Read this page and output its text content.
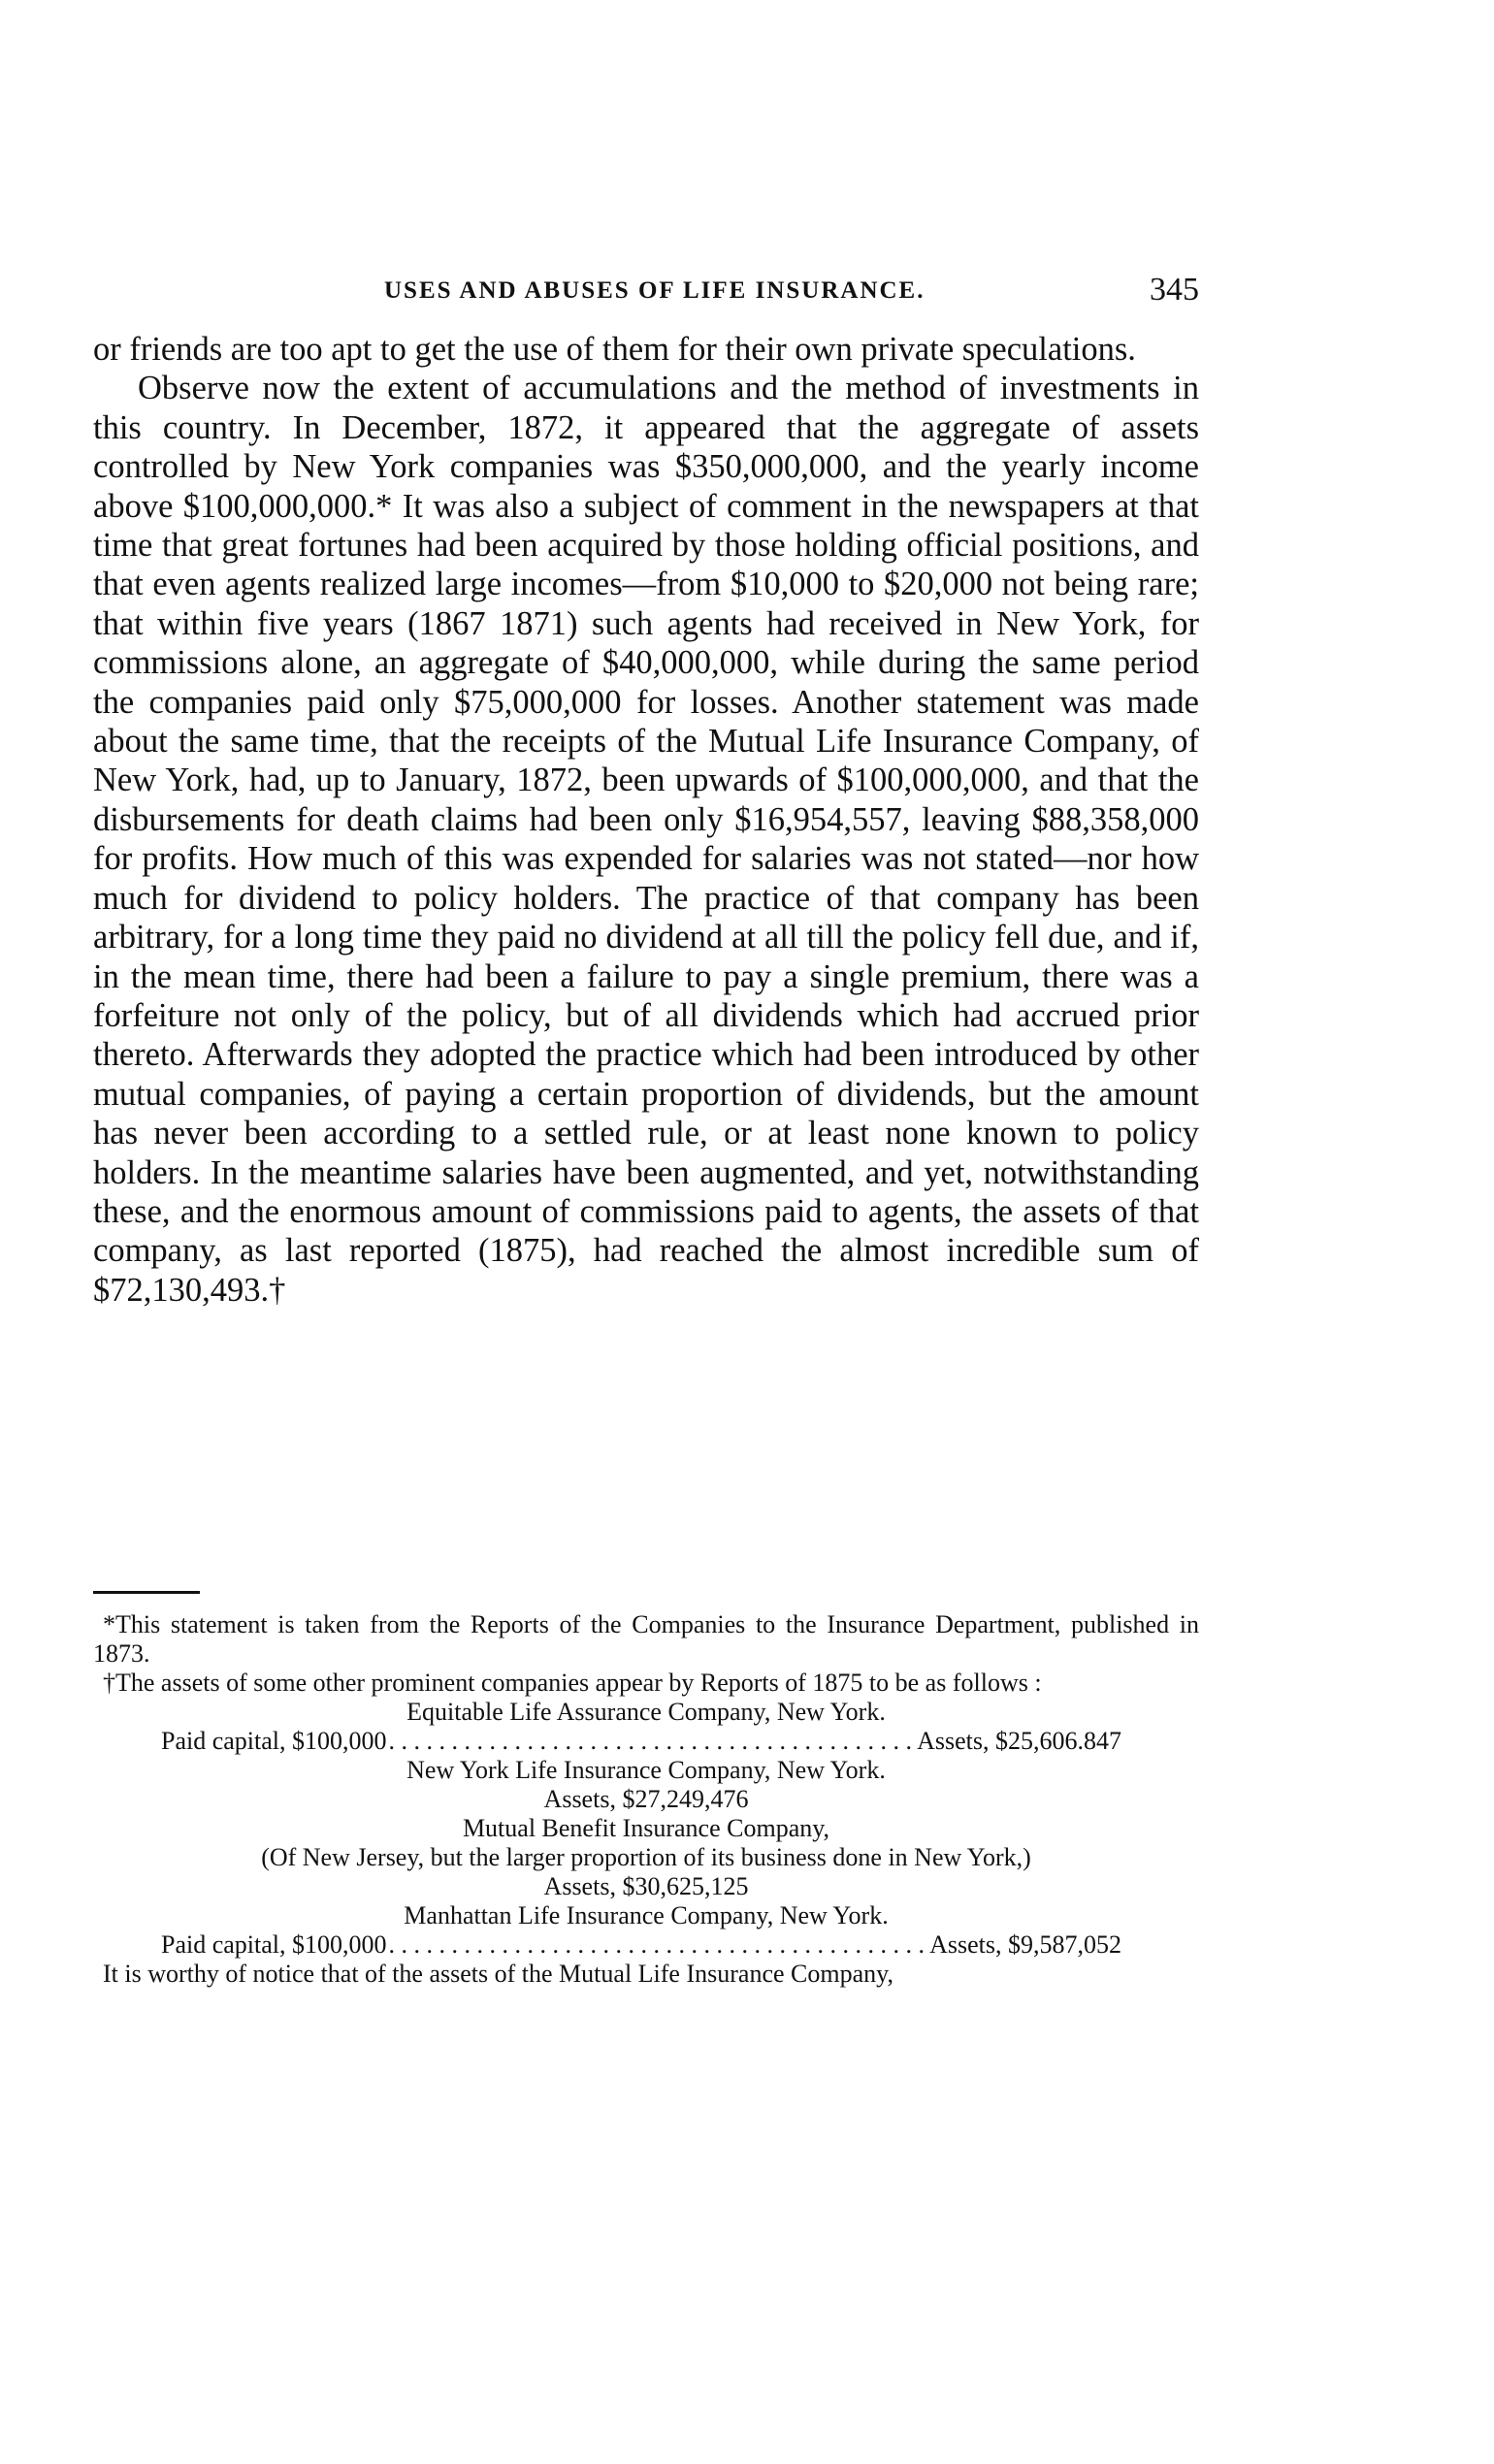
USES AND ABUSES OF LIFE INSURANCE.	345

or friends are too apt to get the use of them for their own private speculations.

Observe now the extent of accumulations and the method of investments in this country. In December, 1872, it appeared that the aggregate of assets controlled by New York companies was $350,000,000, and the yearly income above $100,000,000.* It was also a subject of comment in the newspapers at that time that great fortunes had been acquired by those holding official positions, and that even agents realized large incomes—from $10,000 to $20,000 not being rare; that within five years (1867 1871) such agents had received in New York, for commissions alone, an aggregate of $40,000,000, while during the same period the companies paid only $75,000,000 for losses. Another statement was made about the same time, that the receipts of the Mutual Life Insurance Company, of New York, had, up to January, 1872, been upwards of $100,000,000, and that the disbursements for death claims had been only $16,954,557, leaving $88,358,000 for profits. How much of this was expended for salaries was not stated—nor how much for dividend to policy holders. The practice of that company has been arbitrary, for a long time they paid no dividend at all till the policy fell due, and if, in the mean time, there had been a failure to pay a single premium, there was a forfeiture not only of the policy, but of all dividends which had accrued prior thereto. Afterwards they adopted the practice which had been introduced by other mutual companies, of paying a certain proportion of dividends, but the amount has never been according to a settled rule, or at least none known to policy holders. In the meantime salaries have been augmented, and yet, notwithstanding these, and the enormous amount of commissions paid to agents, the assets of that company, as last reported (1875), had reached the almost incredible sum of $72,130,493.†

*This statement is taken from the Reports of the Companies to the Insurance Department, published in 1873.

†The assets of some other prominent companies appear by Reports of 1875 to be as follows :

Equitable Life Assurance Company, New York.

Paid capital, $100,000 . . .	Assets, $25,606.847

New York Life Insurance Company, New York.

Assets, $27,249,476

Mutual Benefit Insurance Company,

(Of New Jersey, but the larger proportion of its business done in New York,)

Assets, $30,625,125

Manhattan Life Insurance Company, New York.

Paid capital, $100,000 . . .	Assets, $9,587,052

It is worthy of notice that of the assets of the Mutual Life Insurance Company,
